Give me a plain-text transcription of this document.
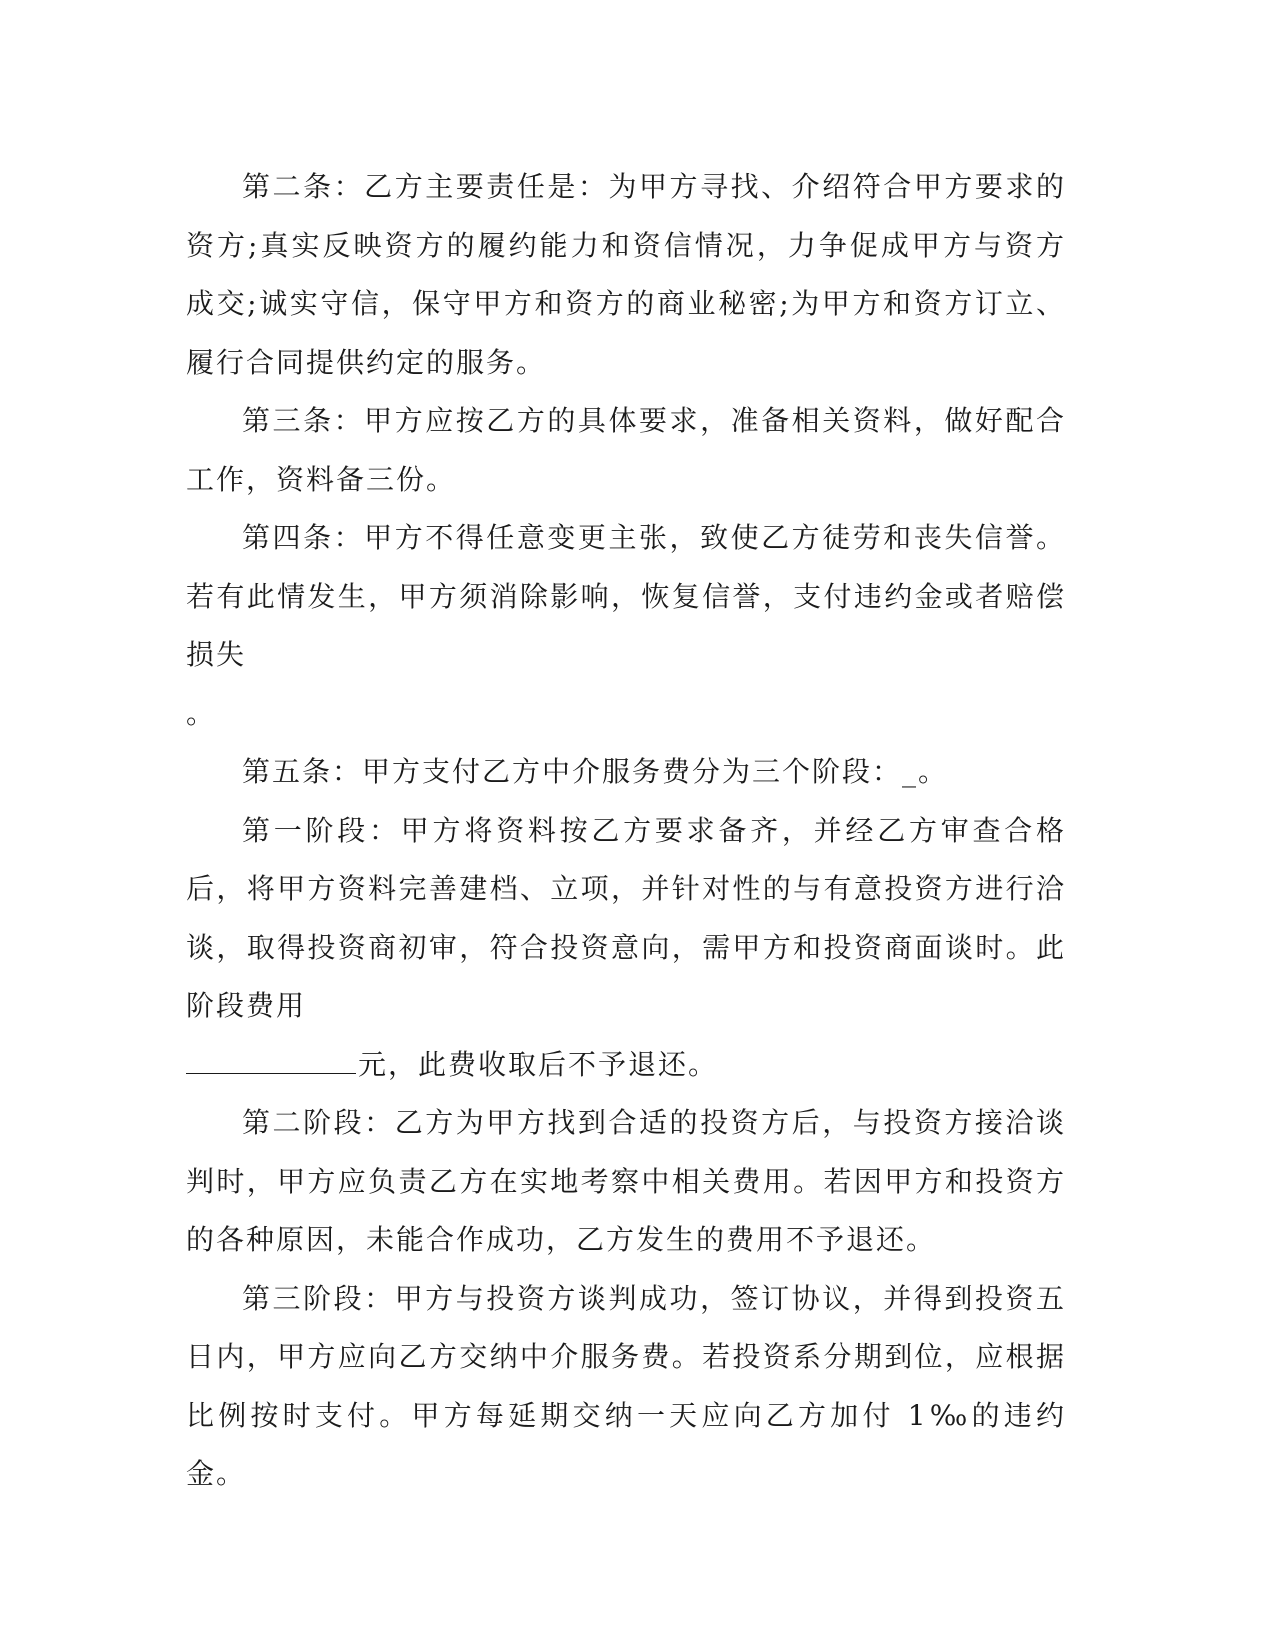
第二条：乙方主要责任是：为甲方寻找、介绍符合甲方要求的资方;真实反映资方的履约能力和资信情况，力争促成甲方与资方成交;诚实守信，保守甲方和资方的商业秘密;为甲方和资方订立、履行合同提供约定的服务。

第三条：甲方应按乙方的具体要求，准备相关资料，做好配合工作，资料备三份。

第四条：甲方不得任意变更主张，致使乙方徒劳和丧失信誉。若有此情发生，甲方须消除影响，恢复信誉，支付违约金或者赔偿损失

。

第五条：甲方支付乙方中介服务费分为三个阶段：_。

第一阶段：甲方将资料按乙方要求备齐，并经乙方审查合格后，将甲方资料完善建档、立项，并针对性的与有意投资方进行洽谈，取得投资商初审，符合投资意向，需甲方和投资商面谈时。此阶段费用

元，此费收取后不予退还。

第二阶段：乙方为甲方找到合适的投资方后，与投资方接洽谈判时，甲方应负责乙方在实地考察中相关费用。若因甲方和投资方的各种原因，未能合作成功，乙方发生的费用不予退还。

第三阶段：甲方与投资方谈判成功，签订协议，并得到投资五日内，甲方应向乙方交纳中介服务费。若投资系分期到位，应根据比例按时支付。甲方每延期交纳一天应向乙方加付 1‰的违约金。
